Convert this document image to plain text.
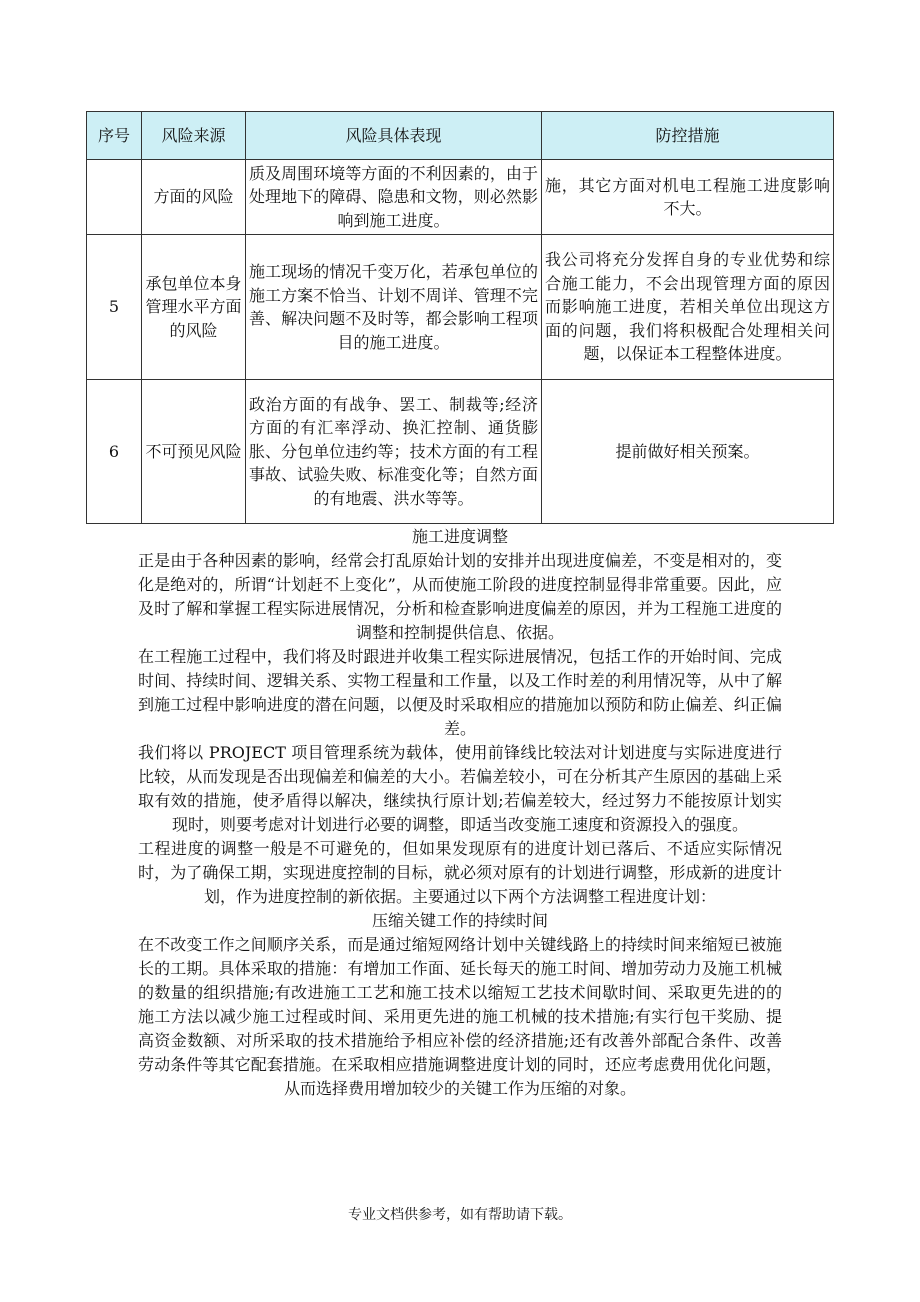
序号	风险来源	风险具体表现	防控措施
	方面的风险	质及周围环境等方面的不利因素的，由于处理地下的障碍、隐患和文物，则必然影响到施工进度。	施，其它方面对机电工程施工进度影响不大。
5	承包单位本身管理水平方面的风险	施工现场的情况千变万化，若承包单位的施工方案不恰当、计划不周详、管理不完善、解决问题不及时等，都会影响工程项目的施工进度。	我公司将充分发挥自身的专业优势和综合施工能力，不会出现管理方面的原因而影响施工进度，若相关单位出现这方面的问题，我们将积极配合处理相关问题，以保证本工程整体进度。
6	不可预见风险	政治方面的有战争、罢工、制裁等;经济方面的有汇率浮动、换汇控制、通货膨胀、分包单位违约等；技术方面的有工程事故、试验失败、标准变化等；自然方面的有地震、洪水等等。	提前做好相关预案。
施工进度调整

正是由于各种因素的影响，经常会打乱原始计划的安排并出现进度偏差，不变是相对的，变化是绝对的，所谓“计划赶不上变化”，从而使施工阶段的进度控制显得非常重要。因此，应及时了解和掌握工程实际进展情况，分析和检查影响进度偏差的原因，并为工程施工进度的调整和控制提供信息、依据。

在工程施工过程中，我们将及时跟进并收集工程实际进展情况，包括工作的开始时间、完成时间、持续时间、逻辑关系、实物工程量和工作量，以及工作时差的利用情况等，从中了解到施工过程中影响进度的潜在问题，以便及时采取相应的措施加以预防和防止偏差、纠正偏差。

我们将以 PROJECT 项目管理系统为载体，使用前锋线比较法对计划进度与实际进度进行比较，从而发现是否出现偏差和偏差的大小。若偏差较小，可在分析其产生原因的基础上采取有效的措施，使矛盾得以解决，继续执行原计划;若偏差较大，经过努力不能按原计划实现时，则要考虑对计划进行必要的调整，即适当改变施工速度和资源投入的强度。

工程进度的调整一般是不可避免的，但如果发现原有的进度计划已落后、不适应实际情况时，为了确保工期，实现进度控制的目标，就必须对原有的计划进行调整，形成新的进度计划，作为进度控制的新依据。主要通过以下两个方法调整工程进度计划：

压缩关键工作的持续时间

在不改变工作之间顺序关系，而是通过缩短网络计划中关键线路上的持续时间来缩短已被施长的工期。具体采取的措施：有增加工作面、延长每天的施工时间、增加劳动力及施工机械的数量的组织措施;有改进施工工艺和施工技术以缩短工艺技术间歇时间、采取更先进的的施工方法以减少施工过程或时间、采用更先进的施工机械的技术措施;有实行包干奖励、提高资金数额、对所采取的技术措施给予相应补偿的经济措施;还有改善外部配合条件、改善劳动条件等其它配套措施。在采取相应措施调整进度计划的同时，还应考虑费用优化问题，从而选择费用增加较少的关键工作为压缩的对象。

专业文档供参考，如有帮助请下载。
